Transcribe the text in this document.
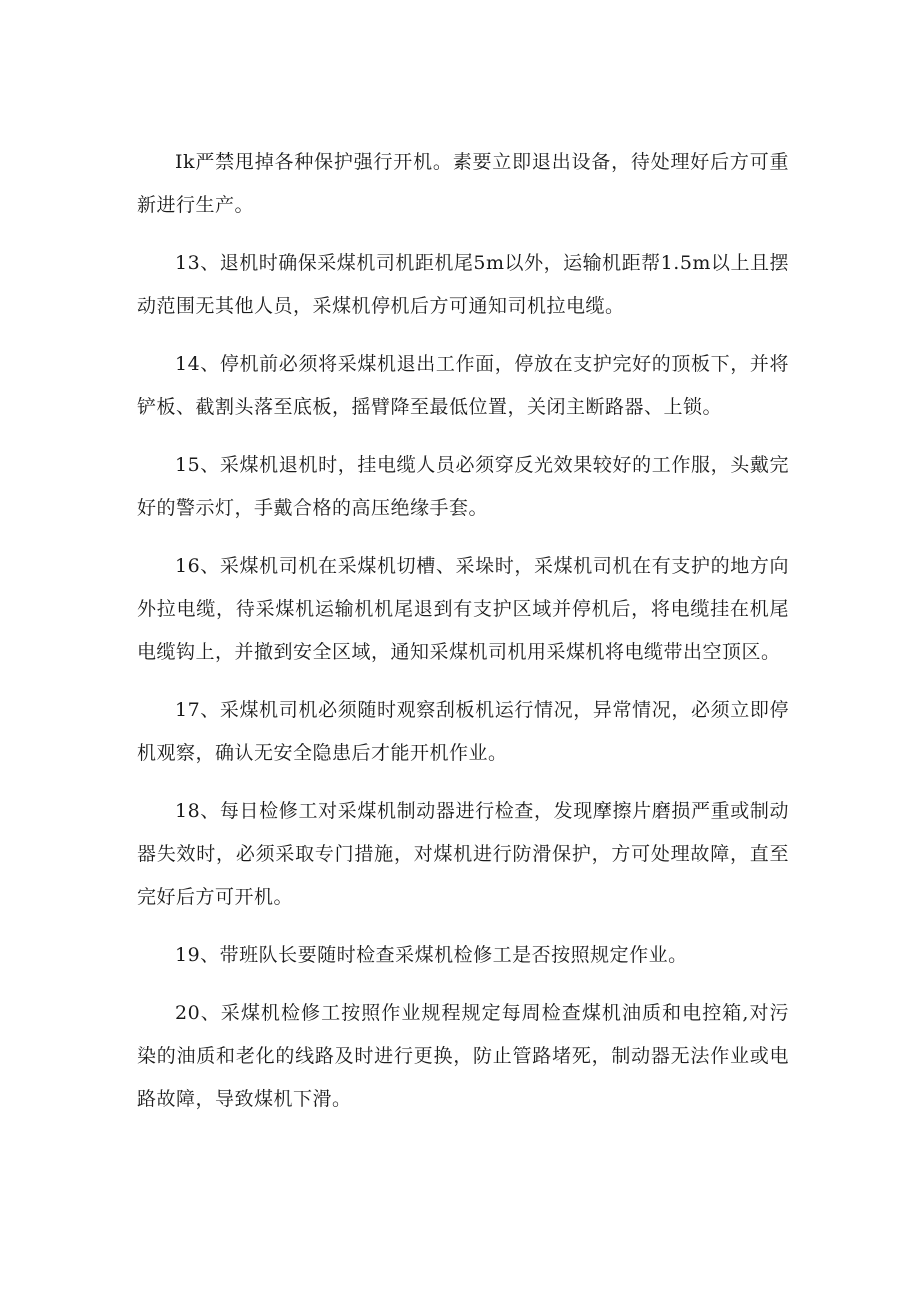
Ik严禁甩掉各种保护强行开机。素要立即退出设备，待处理好后方可重新进行生产。

13、退机时确保采煤机司机距机尾5m以外，运输机距帮1.5m以上且摆动范围无其他人员，采煤机停机后方可通知司机拉电缆。

14、停机前必须将采煤机退出工作面，停放在支护完好的顶板下，并将铲板、截割头落至底板，摇臂降至最低位置，关闭主断路器、上锁。

15、采煤机退机时，挂电缆人员必须穿反光效果较好的工作服，头戴完好的警示灯，手戴合格的高压绝缘手套。

16、采煤机司机在采煤机切槽、采垛时，采煤机司机在有支护的地方向外拉电缆，待采煤机运输机机尾退到有支护区域并停机后，将电缆挂在机尾电缆钩上，并撤到安全区域，通知采煤机司机用采煤机将电缆带出空顶区。

17、采煤机司机必须随时观察刮板机运行情况，异常情况，必须立即停机观察，确认无安全隐患后才能开机作业。

18、每日检修工对采煤机制动器进行检查，发现摩擦片磨损严重或制动器失效时，必须采取专门措施，对煤机进行防滑保护，方可处理故障，直至完好后方可开机。

19、带班队长要随时检查采煤机检修工是否按照规定作业。

20、采煤机检修工按照作业规程规定每周检查煤机油质和电控箱,对污染的油质和老化的线路及时进行更换，防止管路堵死，制动器无法作业或电路故障，导致煤机下滑。
